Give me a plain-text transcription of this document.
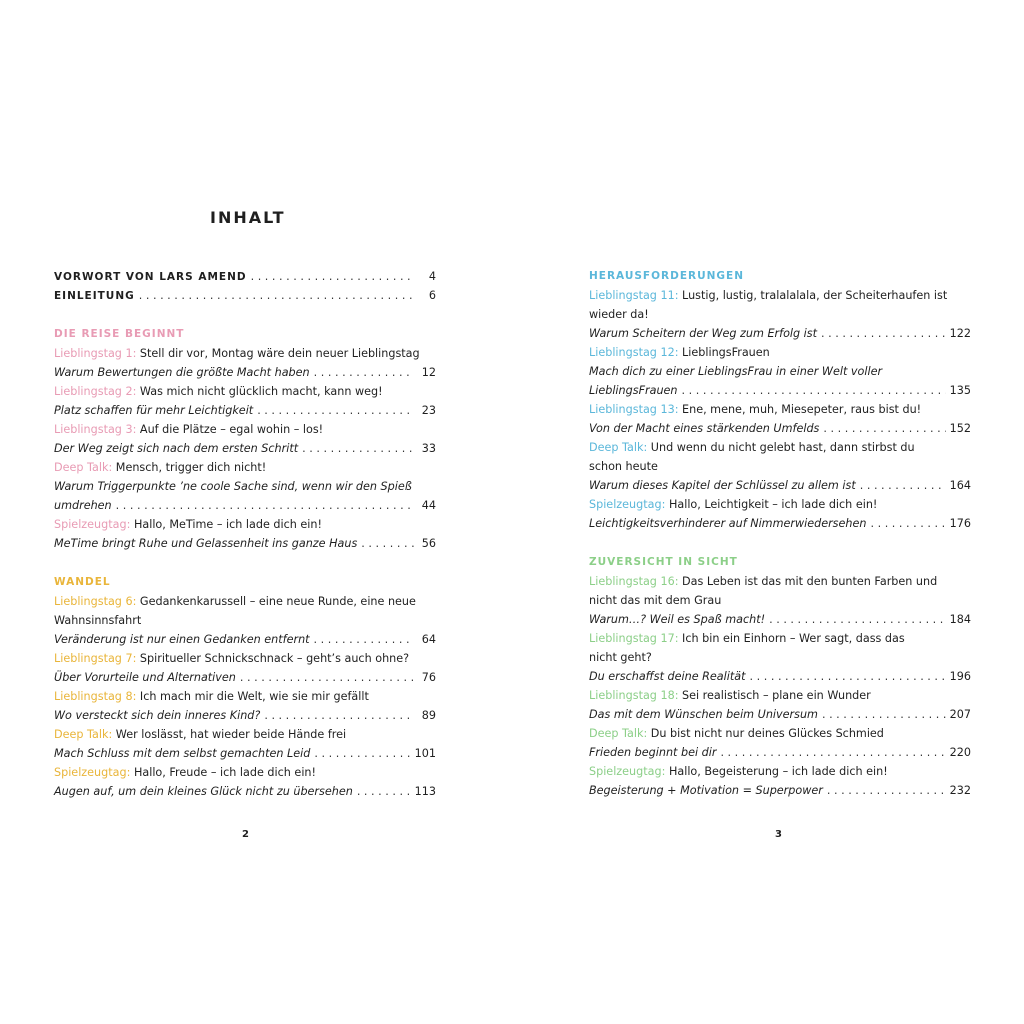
INHALT
VORWORT VON LARS AMEND . . .	4
EINLEITUNG . . .	6
DIE REISE BEGINNT
Lieblingstag 1: Stell dir vor, Montag wäre dein neuer Lieblingstag
Warum Bewertungen die größte Macht haben . . .	12
Lieblingstag 2: Was mich nicht glücklich macht, kann weg!
Platz schaffen für mehr Leichtigkeit . . .	23
Lieblingstag 3: Auf die Plätze – egal wohin – los!
Der Weg zeigt sich nach dem ersten Schritt . . .	33
Deep Talk: Mensch, trigger dich nicht!
Warum Triggerpunkte ’ne coole Sache sind, wenn wir den Spieß
umdrehen . . .	44
Spielzeugtag: Hallo, MeTime – ich lade dich ein!
MeTime bringt Ruhe und Gelassenheit ins ganze Haus . . .	56
WANDEL
Lieblingstag 6: Gedankenkarussell – eine neue Runde, eine neue
Wahnsinnsfahrt
Veränderung ist nur einen Gedanken entfernt . . .	64
Lieblingstag 7: Spiritueller Schnickschnack – geht’s auch ohne?
Über Vorurteile und Alternativen . . .	76
Lieblingstag 8: Ich mach mir die Welt, wie sie mir gefällt
Wo versteckt sich dein inneres Kind? . . .	89
Deep Talk: Wer loslässt, hat wieder beide Hände frei
Mach Schluss mit dem selbst gemachten Leid . . .	101
Spielzeugtag: Hallo, Freude – ich lade dich ein!
Augen auf, um dein kleines Glück nicht zu übersehen . . .	113
HERAUSFORDERUNGEN
Lieblingstag 11: Lustig, lustig, tralalalala, der Scheiterhaufen ist
wieder da!
Warum Scheitern der Weg zum Erfolg ist . . .	122
Lieblingstag 12: LieblingsFrauen
Mach dich zu einer LieblingsFrau in einer Welt voller
LieblingsFrauen . . .	135
Lieblingstag 13: Ene, mene, muh, Miesepeter, raus bist du!
Von der Macht eines stärkenden Umfelds . . .	152
Deep Talk: Und wenn du nicht gelebt hast, dann stirbst du
schon heute
Warum dieses Kapitel der Schlüssel zu allem ist . . .	164
Spielzeugtag: Hallo, Leichtigkeit – ich lade dich ein!
Leichtigkeitsverhinderer auf Nimmerwiedersehen . . .	176
ZUVERSICHT IN SICHT
Lieblingstag 16: Das Leben ist das mit den bunten Farben und
nicht das mit dem Grau
Warum…? Weil es Spaß macht! . . .	184
Lieblingstag 17: Ich bin ein Einhorn – Wer sagt, dass das
nicht geht?
Du erschaffst deine Realität . . .	196
Lieblingstag 18: Sei realistisch – plane ein Wunder
Das mit dem Wünschen beim Universum . . .	207
Deep Talk: Du bist nicht nur deines Glückes Schmied
Frieden beginnt bei dir . . .	220
Spielzeugtag: Hallo, Begeisterung – ich lade dich ein!
Begeisterung + Motivation = Superpower . . .	232
2	3
